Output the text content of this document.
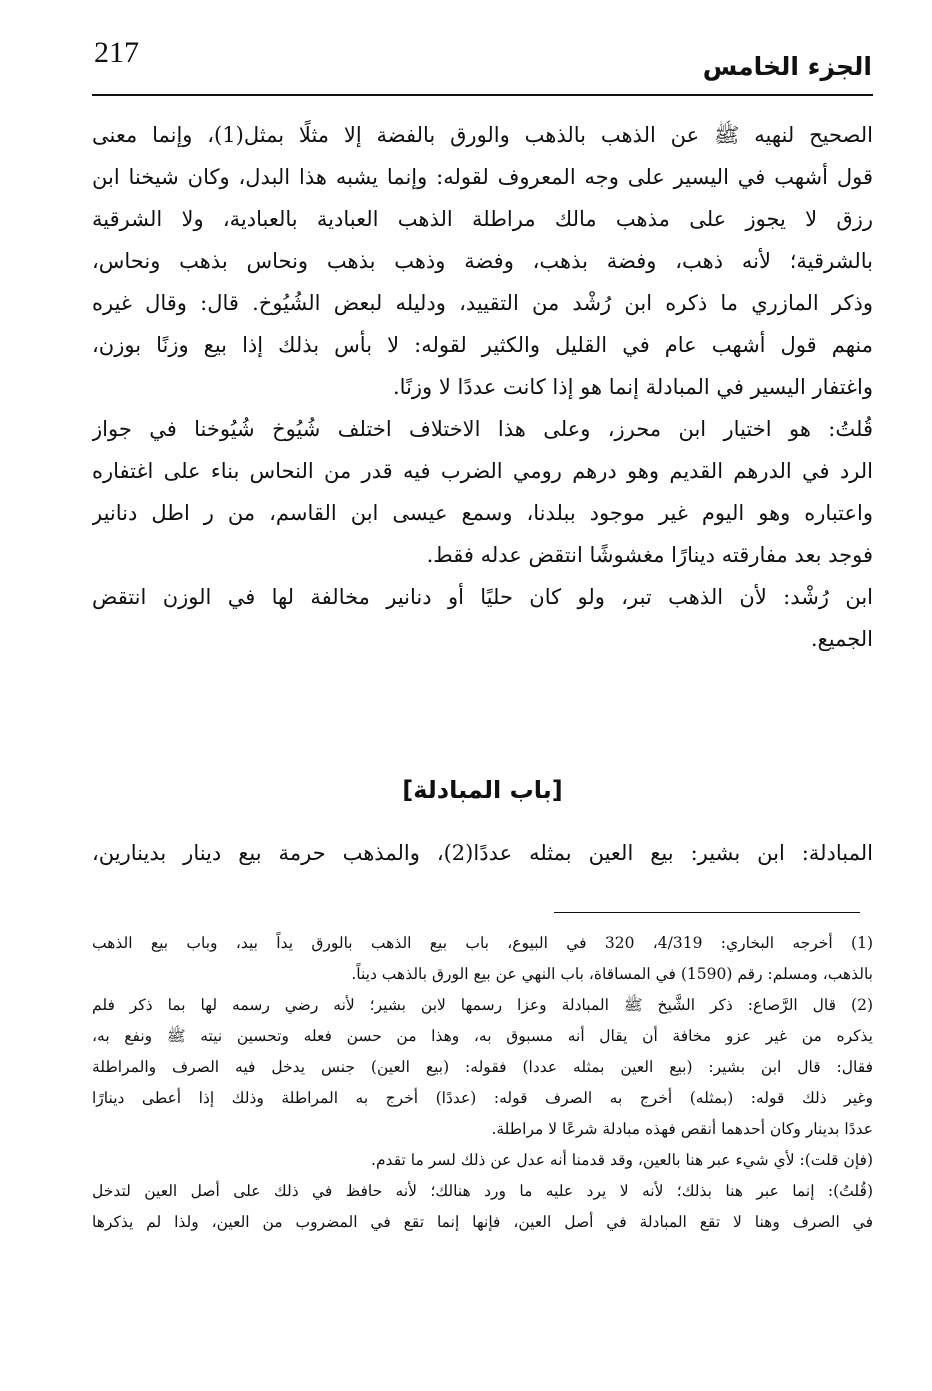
217	الجزء الخامس
الصحيح لنهيه ﷺ عن الذهب بالذهب والورق بالفضة إلا مثلًا بمثل(1)، وإنما معنى
قول أشهب في اليسير على وجه المعروف لقوله: وإنما يشبه هذا البدل، وكان شيخنا ابن
رزق لا يجوز على مذهب مالك مراطلة الذهب العبادية بالعبادية، ولا الشرقية
بالشرقية؛ لأنه ذهب، وفضة بذهب، وفضة وذهب بذهب ونحاس بذهب ونحاس،
وذكر المازري ما ذكره ابن رُشْد من التقييد، ودليله لبعض الشُيُوخ. قال: وقال غيره
منهم قول أشهب عام في القليل والكثير لقوله: لا بأس بذلك إذا بيع وزنًا بوزن،
واغتفار اليسير في المبادلة إنما هو إذا كانت عددًا لا وزنًا.
قُلتُ: هو اختيار ابن محرز، وعلى هذا الاختلاف اختلف شُيُوخ شُيُوخنا في جواز
الرد في الدرهم القديم وهو درهم رومي الضرب فيه قدر من النحاس بناء على اغتفاره
واعتباره وهو اليوم غير موجود ببلدنا، وسمع عيسى ابن القاسم، من ر اطل دنانير
فوجد بعد مفارقته دينارًا مغشوشًا انتقض عدله فقط.
ابن رُشْد: لأن الذهب تبر، ولو كان حليًا أو دنانير مخالفة لها في الوزن انتقض
الجميع.
[باب المبادلة]
المبادلة: ابن بشير: بيع العين بمثله عددًا(2)، والمذهب حرمة بيع دينار بدينارين،
(1) أخرجه البخاري: 4/319، 320 في البيوع، باب بيع الذهب بالورق يداً بيد، وباب بيع الذهب
بالذهب، ومسلم: رقم (1590) في المساقاة، باب النهي عن بيع الورق بالذهب ديناً.
(2) قال الرَّصاع: ذكر الشَّيخ ﷺ المبادلة وعزا رسمها لابن بشير؛ لأنه رضي رسمه لها بما ذكر فلم
يذكره من غير عزو مخافة أن يقال أنه مسبوق به، وهذا من حسن فعله وتحسين نيته ﷺ ونفع به،
فقال: قال ابن بشير: (بيع العين بمثله عددا) فقوله: (بيع العين) جنس يدخل فيه الصرف والمراطلة
وغير ذلك قوله: (بمثله) أخرج به الصرف قوله: (عددًا) أخرج به المراطلة وذلك إذا أعطى دينارًا
عددًا بدينار وكان أحدهما أنقص فهذه مبادلة شرعًا لا مراطلة.
(فإن قلت): لأي شيء عبر هنا بالعين، وقد قدمنا أنه عدل عن ذلك لسر ما تقدم.
(قُلتُ): إنما عبر هنا بذلك؛ لأنه لا يرد عليه ما ورد هنالك؛ لأنه حافظ في ذلك على أصل العين لتدخل
في الصرف وهنا لا تقع المبادلة في أصل العين، فإنها إنما تقع في المضروب من العين، ولذا لم يذكرها
